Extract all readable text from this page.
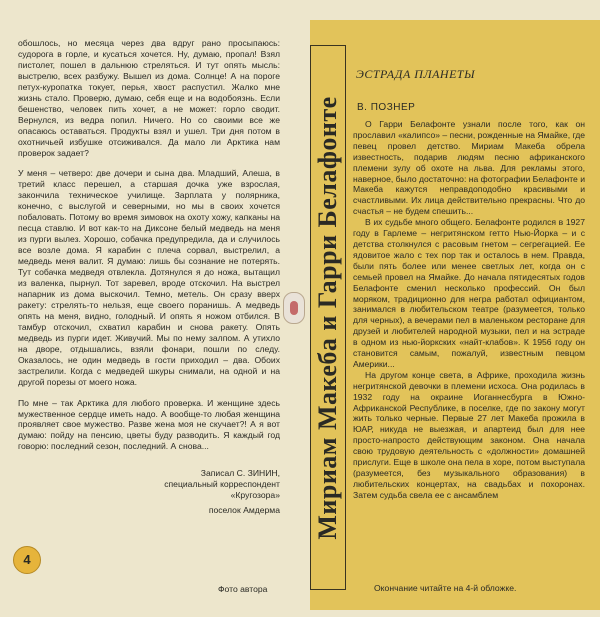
обошлось, но месяца через два вдруг рано просыпаюсь: судорога в горле, и кусаться хочется. Ну, думаю, пропал! Взял пистолет, пошел в дальнюю стреляться. И тут опять мысль: выстрелю, всех разбужу. Вышел из дома. Солнце! А на пороге петух-куропатка токует, перья, хвост распустил. Жалко мне жизнь стало. Проверю, думаю, себя еще и на водобоязнь. Если бешенство, человек пить хочет, а не может: горло сводит. Вернулся, из ведра попил. Ничего. Но со своими все же опасаюсь оставаться. Продукты взял и ушел. Три дня потом в охотничьей избушке отсиживался. Да мало ли Арктика нам проверок задает?

У меня – четверо: две дочери и сына два. Младший, Алеша, в третий класс перешел, а старшая дочка уже взрослая, закончила техническое училище. Зарплата у полярника, конечно, с выслугой и северными, но мы в своих хочется побаловать. Потому во время зимовок на охоту хожу, капканы на песца ставлю. И вот как-то на Диксоне белый медведь на меня из пурги вылез. Хорошо, собачка предупредила, да и случилось все возле дома. Я карабин с плеча сорвал, выстрелил, а медведь меня валит. Я думаю: лишь бы сознание не потерять. Тут собачка медведя отвлекла. Дотянулся я до ножа, вытащил из валенка, пырнул. Тот заревел, вроде отскочил. На выстрел напарник из дома выскочил. Темно, метель. Он сразу вверх ракету: стрелять-то нельзя, еще своего поранишь. А медведь опять на меня, видно, голодный. И опять я ножом отбился. В тамбур отскочил, схватил карабин и снова ракету. Опять медведь из пурги идет. Живучий. Мы по нему залпом. А утихло на дворе, отдышались, взяли фонари, пошли по следу. Оказалось, не один медведь в гости приходил – два. Обоих застрелили. Когда с медведей шкуры снимали, на одной и на другой порезы от моего ножа.

По мне – так Арктика для любого проверка. И женщине здесь мужественное сердце иметь надо. А вообще-то любая женщина проявляет свое мужество. Разве жена моя не скучает?! А я вот думаю: пойду на пенсию, цветы буду разводить. Я каждый год говорю: последний сезон, последний. А снова...

Записал С. ЗИНИН,
специальный корреспондент
«Кругозора»
поселок Амдерма
4
Фото автора
Мириам Макеба и Гарри Белафонте
ЭСТРАДА ПЛАНЕТЫ
В. ПОЗНЕР

О Гарри Белафонте узнали после того, как он прославил «калипсо» – песни, рожденные на Ямайке, где певец провел детство. Мириам Макеба обрела известность, подарив людям песню африканского племени зулу об охоте на льва. Для рекламы этого, наверное, было достаточно: на фотографии Белафонте и Макеба кажутся неправдоподобно красивыми и счастливыми. Их лица действительно прекрасны. Что до счастья – не будем спешить...

В их судьбе много общего. Белафонте родился в 1927 году в Гарлеме – негритянском гетто Нью-Йорка – и с детства столкнулся с расовым гнетом – сегрегацией. Ее ядовитое жало с тех пор так и осталось в нем. Правда, были пять более или менее светлых лет, когда он с семьей провел на Ямайке. До начала пятидесятых годов Белафонте сменил несколько профессий. Он был моряком, традиционно для негра работал официантом, занимался в любительском театре (разумеется, только для черных), а вечерами пел в маленьком ресторане для друзей и любителей народной музыки, пел и на эстраде в одном из нью-йоркских «найт-клабов». К 1956 году он становится самым, пожалуй, известным певцом Америки...

На другом конце света, в Африке, проходила жизнь негритянской девочки в племени исхоса. Она родилась в 1932 году на окраине Иоганнесбурга в Южно-Африканской Республике, в поселке, где по закону могут жить только черные. Первые 27 лет Макеба прожила в ЮАР, никуда не выезжая, и апартеид был для нее просто-напросто действующим законом. Она начала свою трудовую деятельность с «должности» домашней прислуги. Еще в школе она пела в хоре, потом выступала (разумеется, без музыкального образования) в любительских концертах, на свадьбах и похоронах. Затем судьба свела ее с ансамблем

Окончание читайте на 4-й обложке.
